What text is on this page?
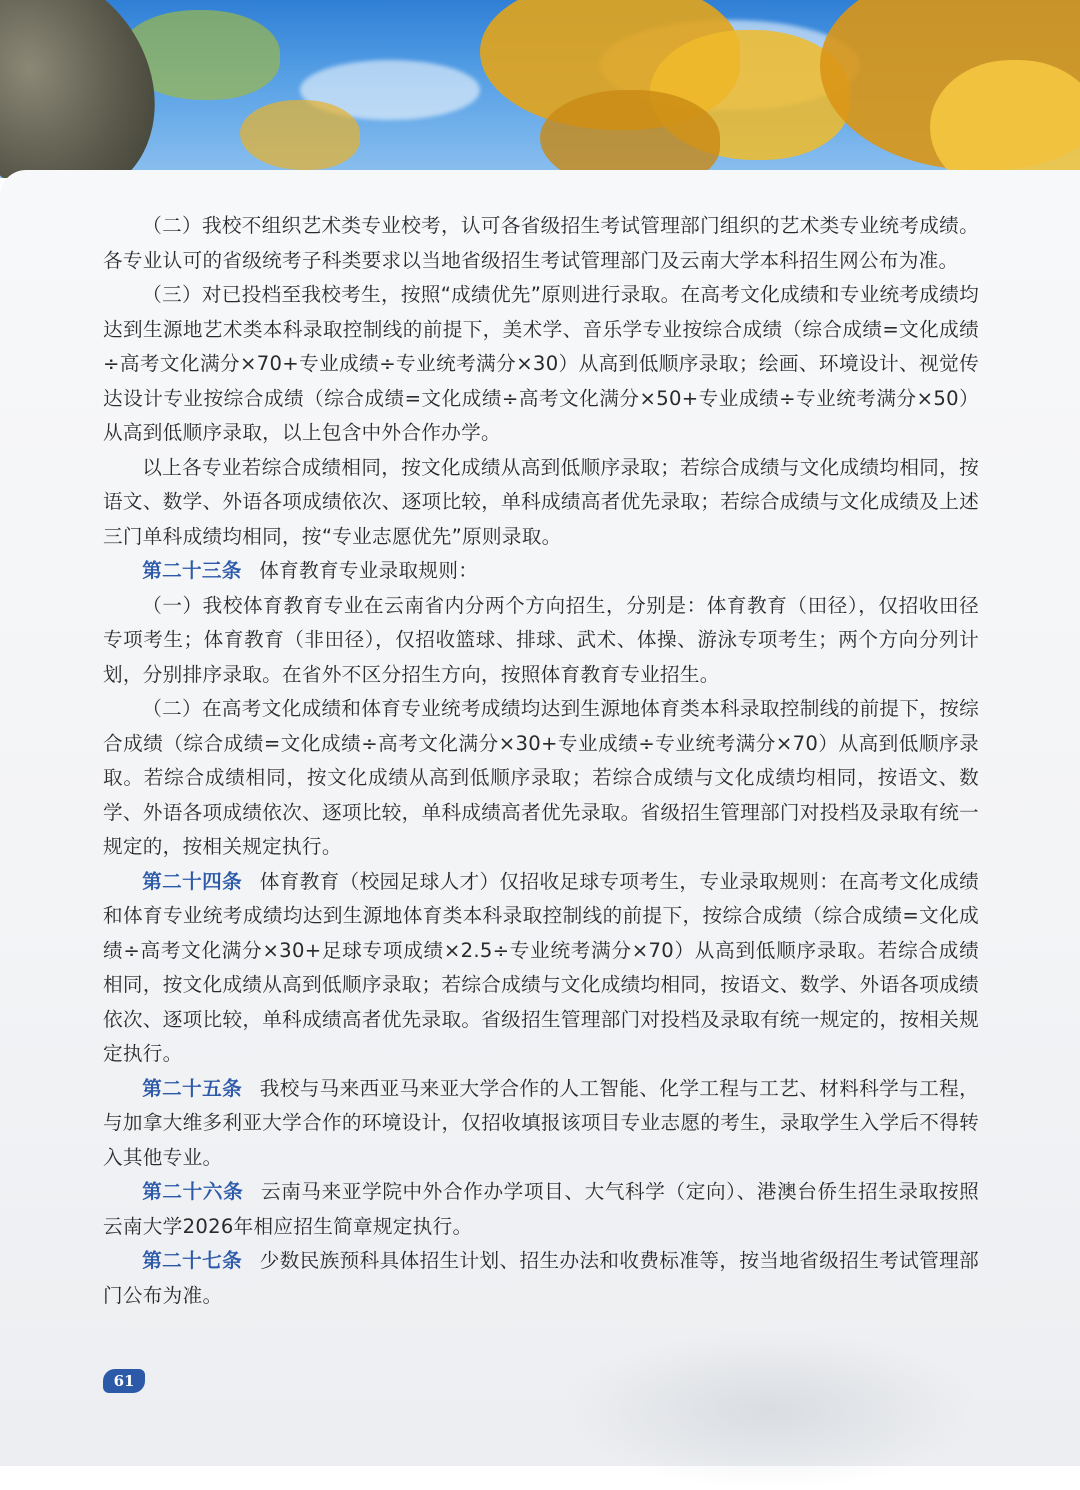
（二）我校不组织艺术类专业校考，认可各省级招生考试管理部门组织的艺术类专业统考成绩。各专业认可的省级统考子科类要求以当地省级招生考试管理部门及云南大学本科招生网公布为准。

（三）对已投档至我校考生，按照“成绩优先”原则进行录取。在高考文化成绩和专业统考成绩均达到生源地艺术类本科录取控制线的前提下，美术学、音乐学专业按综合成绩（综合成绩=文化成绩÷高考文化满分×70+专业成绩÷专业统考满分×30）从高到低顺序录取；绘画、环境设计、视觉传达设计专业按综合成绩（综合成绩=文化成绩÷高考文化满分×50+专业成绩÷专业统考满分×50）从高到低顺序录取，以上包含中外合作办学。

以上各专业若综合成绩相同，按文化成绩从高到低顺序录取；若综合成绩与文化成绩均相同，按语文、数学、外语各项成绩依次、逐项比较，单科成绩高者优先录取；若综合成绩与文化成绩及上述三门单科成绩均相同，按“专业志愿优先”原则录取。

第二十三条 体育教育专业录取规则：

（一）我校体育教育专业在云南省内分两个方向招生，分别是：体育教育（田径），仅招收田径专项考生；体育教育（非田径），仅招收篮球、排球、武术、体操、游泳专项考生；两个方向分列计划，分别排序录取。在省外不区分招生方向，按照体育教育专业招生。

（二）在高考文化成绩和体育专业统考成绩均达到生源地体育类本科录取控制线的前提下，按综合成绩（综合成绩=文化成绩÷高考文化满分×30+专业成绩÷专业统考满分×70）从高到低顺序录取。若综合成绩相同，按文化成绩从高到低顺序录取；若综合成绩与文化成绩均相同，按语文、数学、外语各项成绩依次、逐项比较，单科成绩高者优先录取。省级招生管理部门对投档及录取有统一规定的，按相关规定执行。

第二十四条 体育教育（校园足球人才）仅招收足球专项考生，专业录取规则：在高考文化成绩和体育专业统考成绩均达到生源地体育类本科录取控制线的前提下，按综合成绩（综合成绩=文化成绩÷高考文化满分×30+足球专项成绩×2.5÷专业统考满分×70）从高到低顺序录取。若综合成绩相同，按文化成绩从高到低顺序录取；若综合成绩与文化成绩均相同，按语文、数学、外语各项成绩依次、逐项比较，单科成绩高者优先录取。省级招生管理部门对投档及录取有统一规定的，按相关规定执行。

第二十五条 我校与马来西亚马来亚大学合作的人工智能、化学工程与工艺、材料科学与工程，与加拿大维多利亚大学合作的环境设计，仅招收填报该项目专业志愿的考生，录取学生入学后不得转入其他专业。

第二十六条 云南马来亚学院中外合作办学项目、大气科学（定向）、港澳台侨生招生录取按照云南大学2026年相应招生简章规定执行。

第二十七条 少数民族预科具体招生计划、招生办法和收费标准等，按当地省级招生考试管理部门公布为准。

61
